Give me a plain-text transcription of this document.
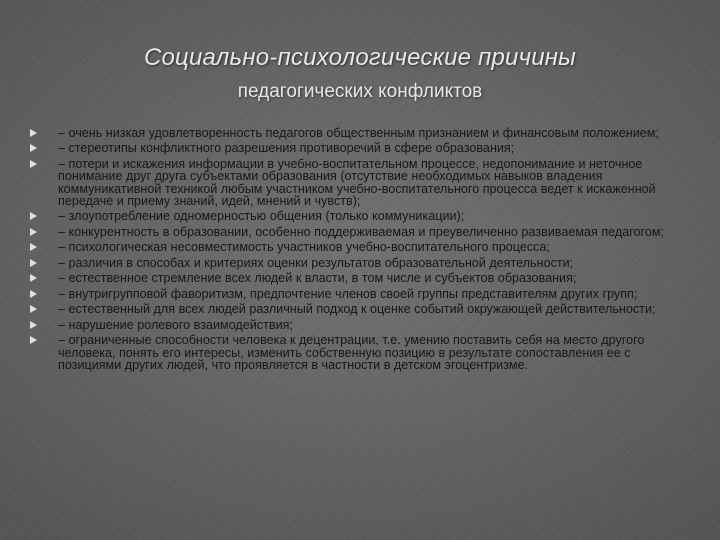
Социально-психологические причины
педагогических конфликтов
– очень низкая удовлетворенность педагогов общественным признанием и финансовым положением;
– стереотипы конфликтного разрешения противоречий в сфере образования;
– потери и искажения информации в учебно-воспитательном процессе, недопонимание и неточное понимание друг друга субъектами образования (отсутствие необходимых навыков владения коммуникативной техникой любым участником учебно-воспитательного процесса ведет к искаженной передаче и приему знаний, идей, мнений и чувств);
– злоупотребление одномерностью общения (только коммуникации);
– конкурентность в образовании, особенно поддерживаемая и преувеличенно развиваемая педагогом;
– психологическая несовместимость участников учебно-воспитательного процесса;
– различия в способах и критериях оценки результатов образовательной деятельности;
– естественное стремление всех людей к власти, в том числе и субъектов образования;
– внутригрупповой фаворитизм, предпочтение членов своей группы представителям других групп;
– естественный для всех людей различный подход к оценке событий окружающей действительности;
– нарушение ролевого взаимодействия;
– ограниченные способности человека к децентрации, т.е. умению поставить себя на место другого человека, понять его интересы, изменить собственную позицию в результате сопоставления ее с позициями других людей, что проявляется в частности в детском эгоцентризме.
